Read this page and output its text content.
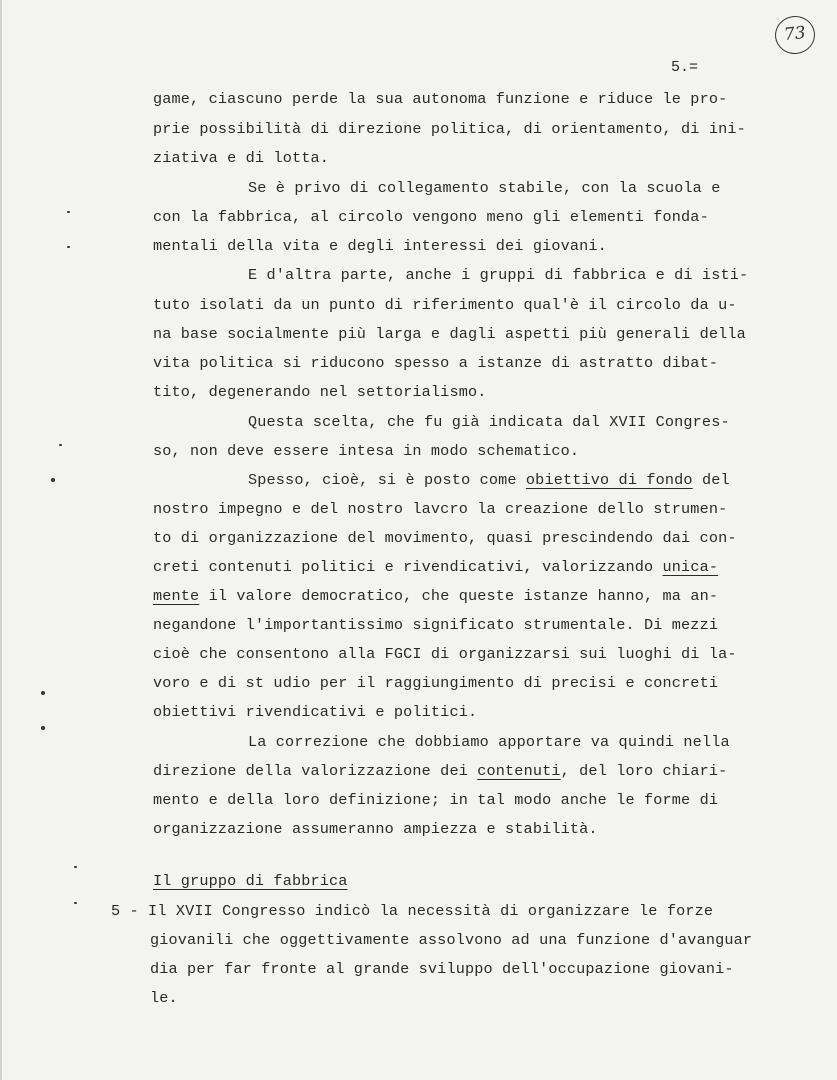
73
5.=
game, ciascuno perde la sua autonoma funzione e riduce le pro-
prie possibilità di direzione politica, di orientamento, di ini-
ziativa e di lotta.
Se è privo di collegamento stabile, con la scuola e
con la fabbrica, al circolo vengono meno gli elementi fonda-
mentali della vita e degli interessi dei giovani.
E d'altra parte, anche i gruppi di fabbrica e di isti-
tuto isolati da un punto di riferimento qual'è il circolo da u-
na base socialmente più larga e dagli aspetti più generali della
vita politica si riducono spesso a istanze di astratto dibat-
tito, degenerando nel settorialismo.
Questa scelta, che fu già indicata dal XVII Congres-
so, non deve essere intesa in modo schematico.
Spesso, cioè, si è posto come obiettivo di fondo del
nostro impegno e del nostro lavcro la creazione dello strumen-
to di organizzazione del movimento, quasi prescindendo dai con-
creti contenuti politici e rivendicativi, valorizzando unica-
mente il valore democratico, che queste istanze hanno, ma an-
negandone l'importantissimo significato strumentale. Di mezzi
cioè che consentono alla FGCI di organizzarsi sui luoghi di la-
voro e di st udio per il raggiungimento di precisi e concreti
obiettivi rivendicativi e politici.
La correzione che dobbiamo apportare va quindi nella
direzione della valorizzazione dei contenuti, del loro chiari-
mento e della loro definizione; in tal modo anche le forme di
organizzazione assumeranno ampiezza e stabilità.
Il gruppo di fabbrica
5 - Il XVII Congresso indicò la necessità di organizzare le forze
giovanili che oggettivamente assolvono ad una funzione d'avanguar
dia per far fronte al grande sviluppo dell'occupazione giovani-
le.
